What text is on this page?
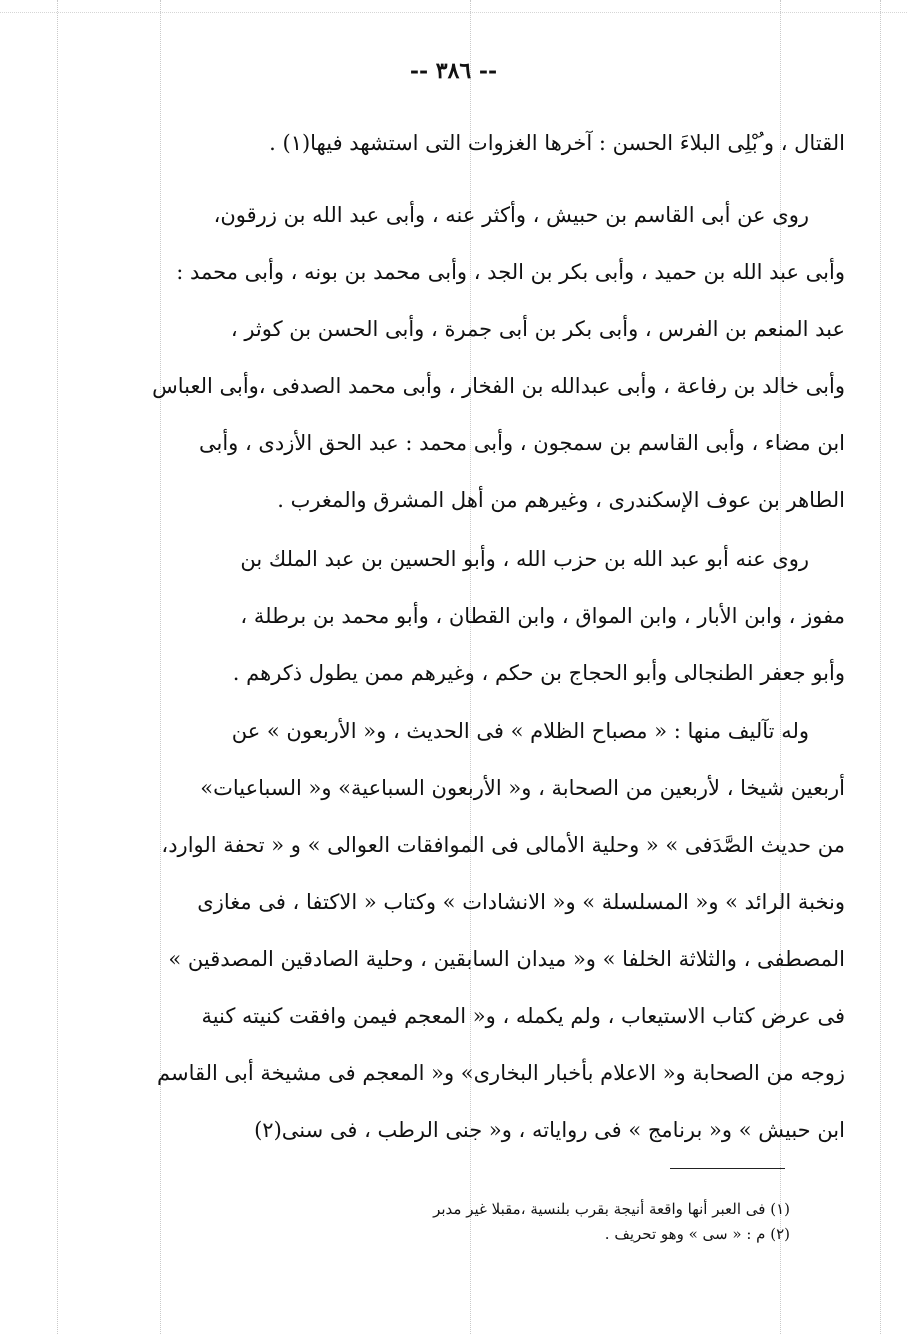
-- ٣٨٦ --
القتال ، و ُبْلِى البلاءَ الحسن : آخرها الغزوات التى استشهد فيها(١) .
روى عن أبى القاسم بن حبيش ، وأكثر عنه ، وأبى عبد الله بن زرقون،
وأبى عبد الله بن حميد ، وأبى بكر بن الجد ، وأبى محمد بن بونه ، وأبى محمد :
عبد المنعم بن الفرس ، وأبى بكر بن أبى جمرة ، وأبى الحسن بن كوثر ،
وأبى خالد بن رفاعة ، وأبى عبدالله بن الفخار ، وأبى محمد الصدفى ،وأبى العباس
ابن مضاء ، وأبى القاسم بن سمجون ، وأبى محمد : عبد الحق الأزدى ، وأبى
الطاهر بن عوف الإسكندرى ، وغيرهم من أهل المشرق والمغرب .
روى عنه أبو عبد الله بن حزب الله ، وأبو الحسين بن عبد الملك بن
مفوز ، وابن الأبار ، وابن المواق ، وابن القطان ، وأبو محمد بن برطلة ،
وأبو جعفر الطنجالى وأبو الحجاج بن حكم ، وغيرهم ممن يطول ذكرهم .
وله تآليف منها : « مصباح الظلام » فى الحديث ، و« الأربعون » عن
أربعين شيخا ، لأربعين من الصحابة ، و« الأربعون السباعية» و« السباعيات»
من حديث الصَّدَفى » « وحلية الأمالى فى الموافقات العوالى » و « تحفة الوارد،
ونخبة الرائد » و« المسلسلة » و« الانشادات » وكتاب « الاكتفا ، فى مغازى
المصطفى ، والثلاثة الخلفا » و« ميدان السابقين ، وحلية الصادقين المصدقين »
فى عرض كتاب الاستيعاب ، ولم يكمله ، و« المعجم فيمن وافقت كنيته كنية
زوجه من الصحابة و« الاعلام بأخبار البخارى» و« المعجم فى مشيخة أبى القاسم
ابن حبيش » و« برنامج » فى رواياته ، و« جنى الرطب ، فى سنى(٢)
(١) فى العبر أنها واقعة أنيجة بقرب بلنسية ،مقبلا غير مدبر
(٢) م : « سى » وهو تحريف .
